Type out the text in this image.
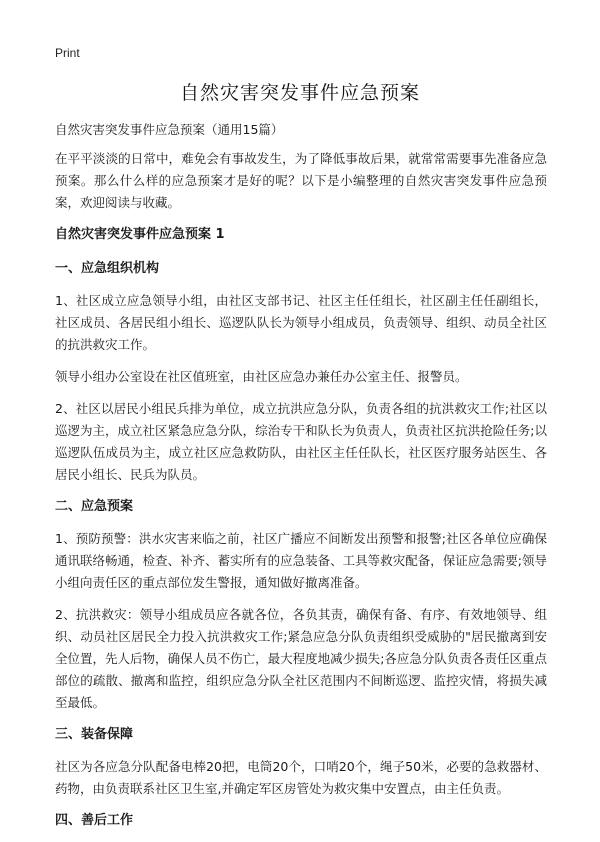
Print
自然灾害突发事件应急预案
自然灾害突发事件应急预案（通用15篇）

在平平淡淡的日常中，难免会有事故发生，为了降低事故后果，就常常需要事先准备应急预案。那么什么样的应急预案才是好的呢？以下是小编整理的自然灾害突发事件应急预案，欢迎阅读与收藏。

自然灾害突发事件应急预案 1
一、应急组织机构

1、社区成立应急领导小组，由社区支部书记、社区主任任组长，社区副主任任副组长，社区成员、各居民组小组长、巡逻队队长为领导小组成员，负责领导、组织、动员全社区的抗洪救灾工作。

领导小组办公室设在社区值班室，由社区应急办兼任办公室主任、报警员。

2、社区以居民小组民兵排为单位，成立抗洪应急分队，负责各组的抗洪救灾工作;社区以巡逻为主，成立社区紧急应急分队，综治专干和队长为负责人，负责社区抗洪抢险任务;以巡逻队伍成员为主，成立社区应急救防队，由社区主任任队长，社区医疗服务站医生、各居民小组长、民兵为队员。

二、应急预案

1、预防预警：洪水灾害来临之前，社区广播应不间断发出预警和报警;社区各单位应确保通讯联络畅通，检查、补齐、蓄实所有的应急装备、工具等救灾配备，保证应急需要;领导小组向责任区的重点部位发生警报，通知做好撤离准备。

2、抗洪救灾：领导小组成员应各就各位，各负其责，确保有备、有序、有效地领导、组织、动员社区居民全力投入抗洪救灾工作;紧急应急分队负责组织受威胁的"居民撤离到安全位置，先人后物，确保人员不伤亡，最大程度地减少损失;各应急分队负责各责任区重点部位的疏散、撤离和监控，组织应急分队全社区范围内不间断巡逻、监控灾情，将损失减至最低。

三、装备保障

社区为各应急分队配备电棒20把，电筒20个，口哨20个，绳子50米，必要的急救器材、药物，由负责联系社区卫生室,并确定军区房管处为救灾集中安置点，由主任负责。

四、善后工作
